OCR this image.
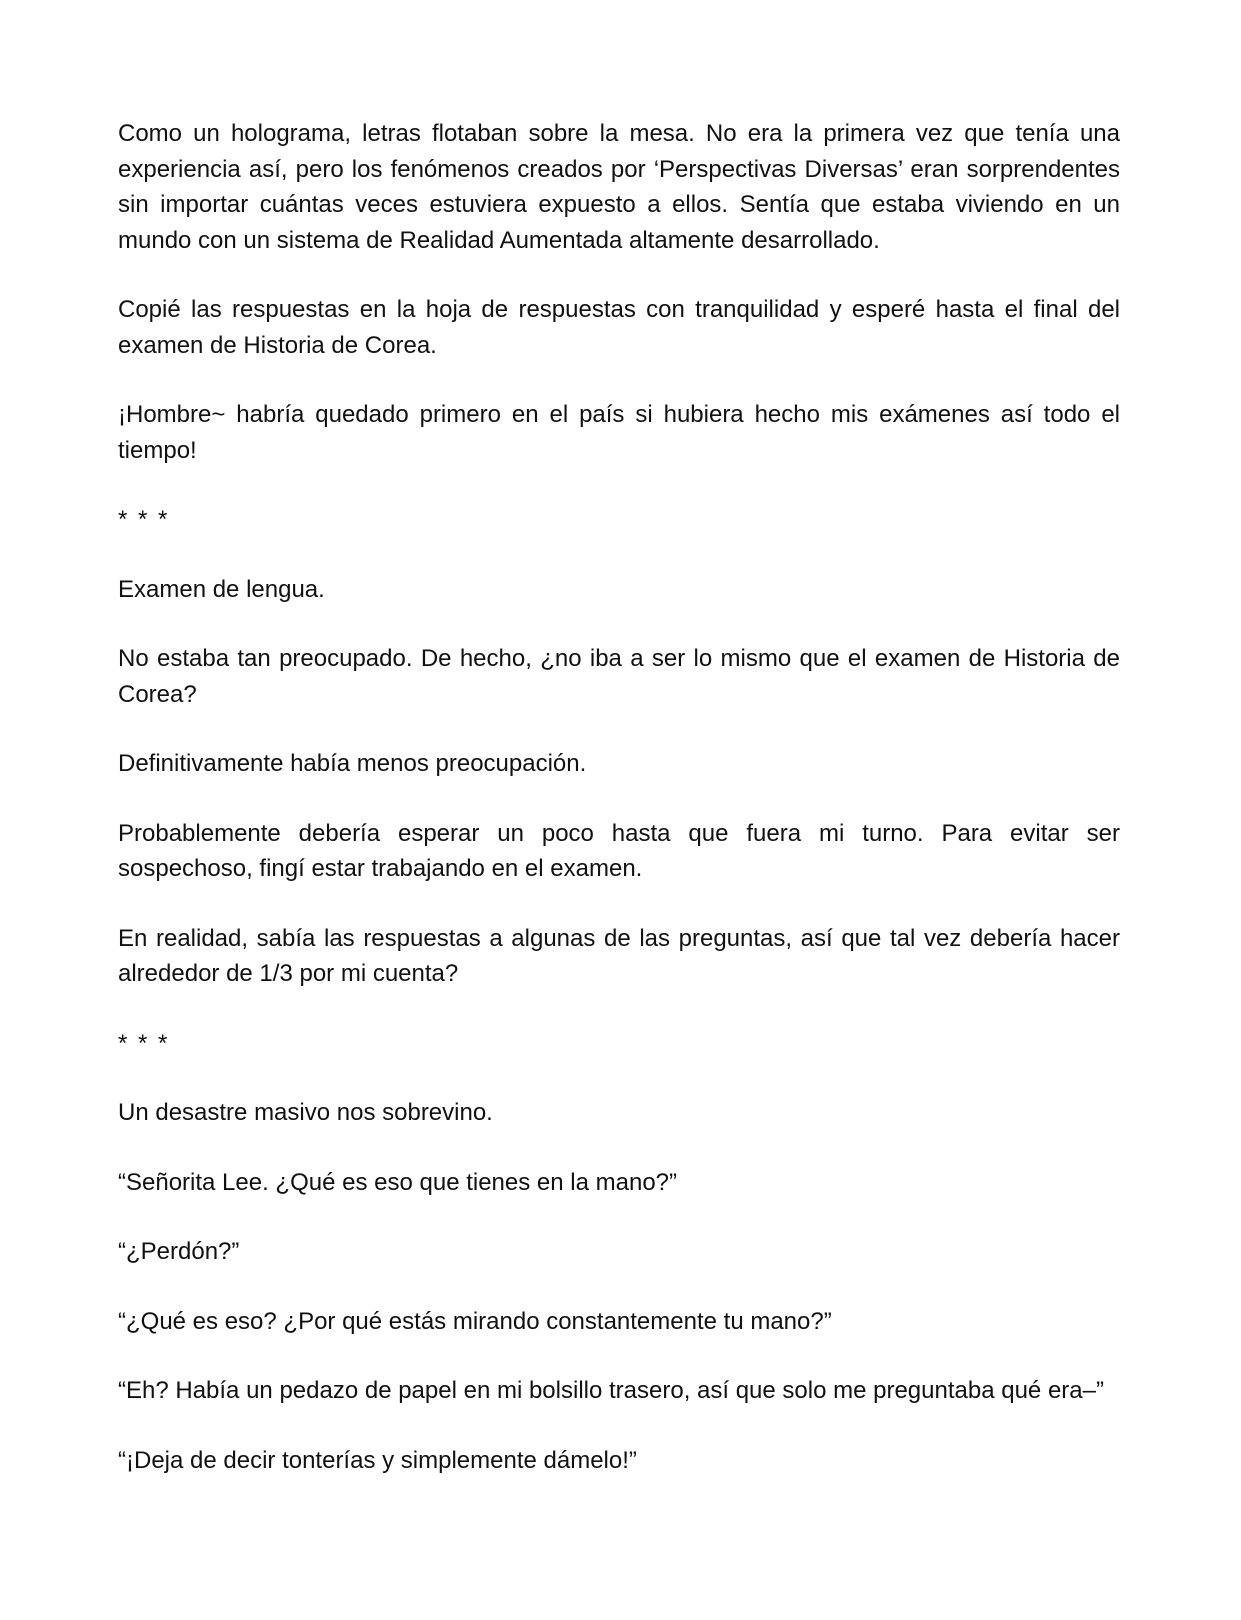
Como un holograma, letras flotaban sobre la mesa. No era la primera vez que tenía una experiencia así, pero los fenómenos creados por ‘Perspectivas Diversas’ eran sorprendentes sin importar cuántas veces estuviera expuesto a ellos. Sentía que estaba viviendo en un mundo con un sistema de Realidad Aumentada altamente desarrollado.

Copié las respuestas en la hoja de respuestas con tranquilidad y esperé hasta el final del examen de Historia de Corea.

¡Hombre~ habría quedado primero en el país si hubiera hecho mis exámenes así todo el tiempo!

* * *

Examen de lengua.

No estaba tan preocupado. De hecho, ¿no iba a ser lo mismo que el examen de Historia de Corea?

Definitivamente había menos preocupación.

Probablemente debería esperar un poco hasta que fuera mi turno. Para evitar ser sospechoso, fingí estar trabajando en el examen.

En realidad, sabía las respuestas a algunas de las preguntas, así que tal vez debería hacer alrededor de 1/3 por mi cuenta?

* * *

Un desastre masivo nos sobrevino.

“Señorita Lee. ¿Qué es eso que tienes en la mano?”

“¿Perdón?”

“¿Qué es eso? ¿Por qué estás mirando constantemente tu mano?”

“Eh? Había un pedazo de papel en mi bolsillo trasero, así que solo me preguntaba qué era–”

“¡Deja de decir tonterías y simplemente dámelo!”
